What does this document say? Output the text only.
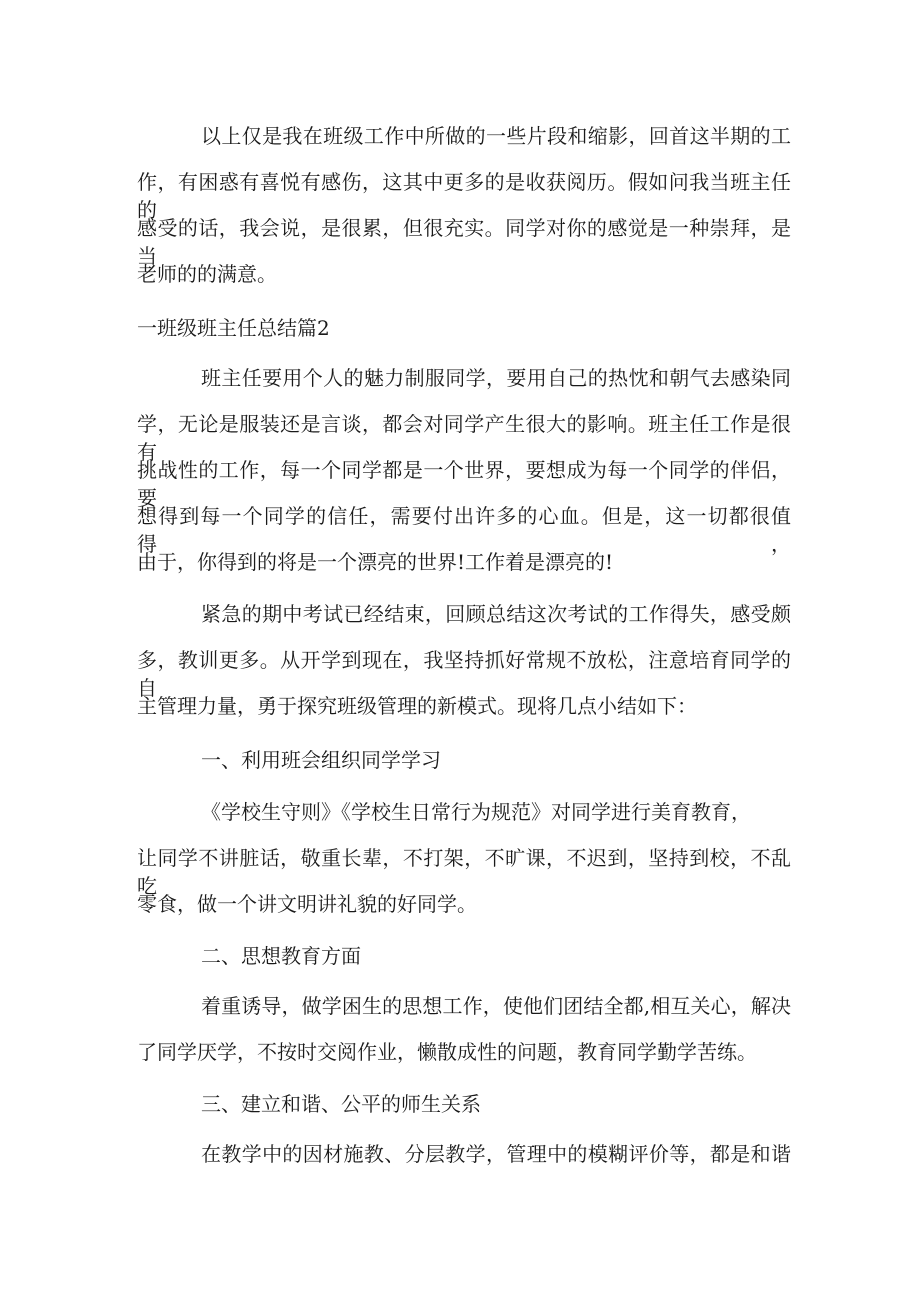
以上仅是我在班级工作中所做的一些片段和缩影，回首这半期的工
作，有困惑有喜悦有感伤，这其中更多的是收获阅历。假如问我当班主任的
感受的话，我会说，是很累，但很充实。同学对你的感觉是一种崇拜，是当
老师的的满意。
一班级班主任总结篇2
班主任要用个人的魅力制服同学，要用自己的热忱和朝气去感染同
学，无论是服装还是言谈，都会对同学产生很大的影响。班主任工作是很有
挑战性的工作，每一个同学都是一个世界，要想成为每一个同学的伴侣，要
想得到每一个同学的信任，需要付出许多的心血。但是，这一切都很值得，
由于，你得到的将是一个漂亮的世界!工作着是漂亮的!
紧急的期中考试已经结束，回顾总结这次考试的工作得失，感受颇
多，教训更多。从开学到现在，我坚持抓好常规不放松，注意培育同学的自
主管理力量，勇于探究班级管理的新模式。现将几点小结如下：
一、利用班会组织同学学习
《学校生守则》《学校生日常行为规范》对同学进行美育教育，
让同学不讲脏话，敬重长辈，不打架，不旷课，不迟到，坚持到校，不乱吃
零食，做一个讲文明讲礼貌的好同学。
二、思想教育方面
着重诱导，做学困生的思想工作，使他们团结全都,相互关心，解决
了同学厌学，不按时交阅作业，懒散成性的问题，教育同学勤学苦练。
三、建立和谐、公平的师生关系
在教学中的因材施教、分层教学，管理中的模糊评价等，都是和谐
